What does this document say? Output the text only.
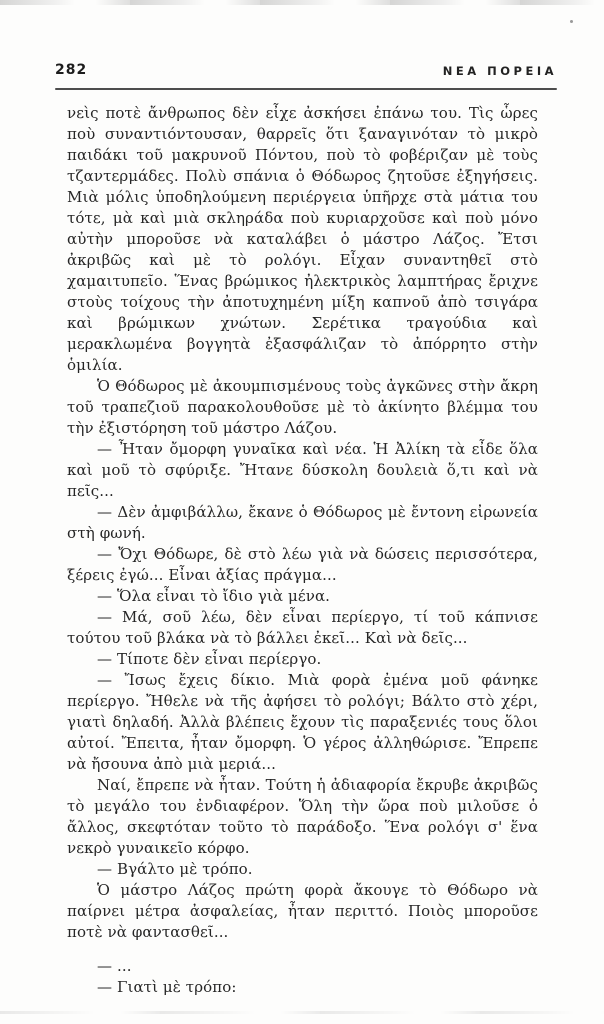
282	ΝΕΑ ΠΟΡΕΙΑ

νεὶς ποτὲ ἄνθρωπος δὲν εἶχε ἀσκήσει ἐπάνω του. Τὶς ὧρες ποὺ συναντιόντουσαν, θαρρεῖς ὅτι ξαναγινόταν τὸ μικρὸ παιδάκι τοῦ μακρυνοῦ Πόντου, ποὺ τὸ φοβέριζαν μὲ τοὺς τζαντερμάδες. Πολὺ σπάνια ὁ Θόδωρος ζητοῦσε ἐξηγήσεις. Μιὰ μόλις ὑποδηλούμενη περιέργεια ὑπῆρχε στὰ μάτια του τότε, μὰ καὶ μιὰ σκληράδα ποὺ κυριαρχοῦσε καὶ ποὺ μόνο αὐτὴν μποροῦσε νὰ καταλάβει ὁ μάστρο Λάζος. Ἔτσι ἀκριβῶς καὶ μὲ τὸ ρολόγι. Εἶχαν συναντηθεῖ στὸ χαμαιτυπεῖο. Ἕνας βρώμικος ἠλεκτρικὸς λαμπτήρας ἔριχνε στοὺς τοίχους τὴν ἀποτυχημένη μίξη καπνοῦ ἀπὸ τσιγάρα καὶ βρώμικων χνώτων. Σερέτικα τραγούδια καὶ μερακλωμένα βογγητὰ ἐξασφάλιζαν τὸ ἀπόρρητο στὴν ὁμιλία.

Ὁ Θόδωρος μὲ ἀκουμπισμένους τοὺς ἀγκῶνες στὴν ἄκρη τοῦ τραπεζιοῦ παρακολουθοῦσε μὲ τὸ ἀκίνητο βλέμμα του τὴν ἐξιστόρηση τοῦ μάστρο Λάζου.

— Ἦταν ὄμορφη γυναῖκα καὶ νέα. Ἡ Ἀλίκη τὰ εἶδε ὅλα καὶ μοῦ τὸ σφύριξε. Ἤτανε δύσκολη δουλειὰ ὅ,τι καὶ νὰ πεῖς...

— Δὲν ἀμφιβάλλω, ἔκανε ὁ Θόδωρος μὲ ἔντονη εἰρωνεία στὴ φωνή.

— Ὄχι Θόδωρε, δὲ στὸ λέω γιὰ νὰ δώσεις περισσότερα, ξέρεις ἐγώ... Εἶναι ἀξίας πράγμα...

— Ὅλα εἶναι τὸ ἴδιο γιὰ μένα.

— Μά, σοῦ λέω, δὲν εἶναι περίεργο, τί τοῦ κάπνισε τούτου τοῦ βλάκα νὰ τὸ βάλλει ἐκεῖ... Καὶ νὰ δεῖς...

— Τίποτε δὲν εἶναι περίεργο.

— Ἴσως ἔχεις δίκιο. Μιὰ φορὰ ἐμένα μοῦ φάνηκε περίεργο. Ἤθελε νὰ τῆς ἀφήσει τὸ ρολόγι; Βάλτο στὸ χέρι, γιατὶ δηλαδή. Ἀλλὰ βλέπεις ἔχουν τὶς παραξενιές τους ὅλοι αὐτοί. Ἔπειτα, ἦταν ὄμορφη. Ὁ γέρος ἀλληθώρισε. Ἔπρεπε νὰ ἤσουνα ἀπὸ μιὰ μεριά...

Ναί, ἔπρεπε νὰ ἦταν. Τούτη ἡ ἀδιαφορία ἔκρυβε ἀκριβῶς τὸ μεγάλο του ἐνδιαφέρον. Ὅλη τὴν ὥρα ποὺ μιλοῦσε ὁ ἄλλος, σκεφτόταν τοῦτο τὸ παράδοξο. Ἕνα ρολόγι σ' ἕνα νεκρὸ γυναικεῖο κόρφο.

— Βγάλτο μὲ τρόπο.

Ὁ μάστρο Λάζος πρώτη φορὰ ἄκουγε τὸ Θόδωρο νὰ παίρνει μέτρα ἀσφαλείας, ἦταν περιττό. Ποιὸς μποροῦσε ποτὲ νὰ φαντασθεῖ...

— ...

— Γιατὶ μὲ τρόπο:
